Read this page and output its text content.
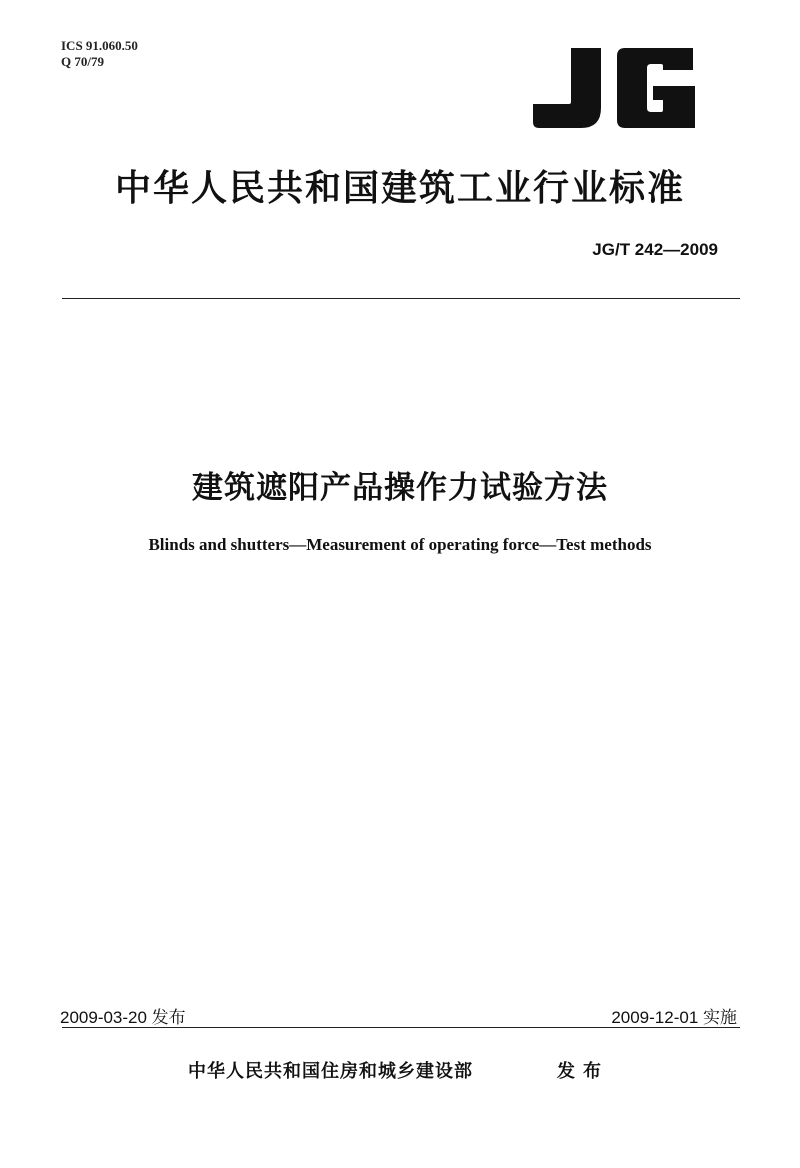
ICS 91.060.50
Q 70/79
中华人民共和国建筑工业行业标准
JG/T 242—2009
建筑遮阳产品操作力试验方法
Blinds and shutters—Measurement of operating force—Test methods
2009-03-20 发布	2009-12-01 实施
中华人民共和国住房和城乡建设部	发布
